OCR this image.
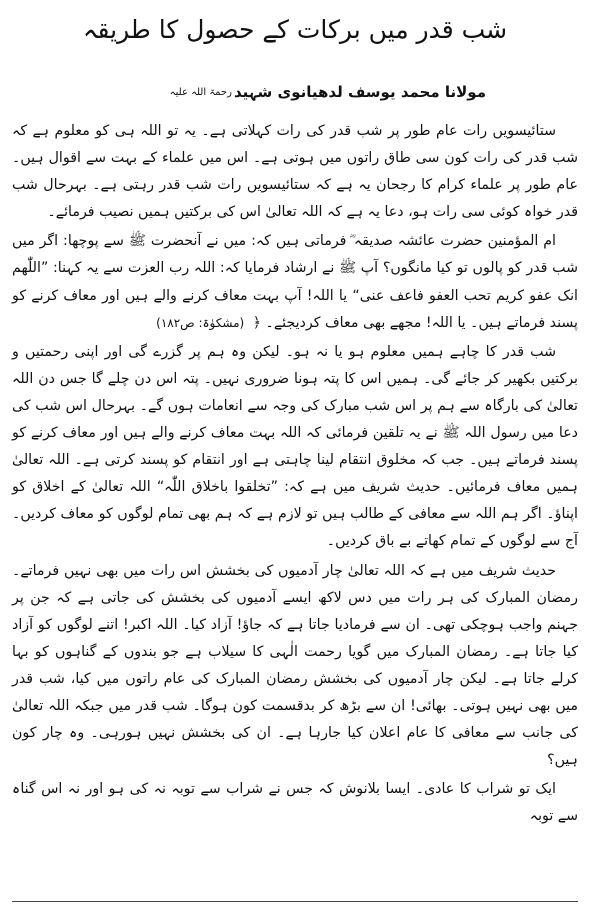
شب قدر میں برکات کے حصول کا طریقہ
مولانا محمد یوسف لدھیانوی شہید
رحمۃ اللہ علیہ

ستائیسویں رات عام طور پر شب قدر کی رات کہلاتی ہے۔ یہ تو اللہ ہی کو معلوم ہے کہ شب قدر کی رات کون سی طاق راتوں میں ہوتی ہے۔ اس میں علماء کے بہت سے اقوال ہیں۔ عام طور پر علماء کرام کا رجحان یہ ہے کہ ستائیسویں رات شب قدر رہتی ہے۔ بہرحال شب قدر خواہ کوئی سی رات ہو، دعا یہ ہے کہ اللہ تعالیٰ اس کی برکتیں ہمیں نصیب فرمائے۔

ام المؤمنین حضرت عائشہ صدیقہ ؓ فرماتی ہیں کہ: میں نے آنحضرت ﷺ سے پوچھا: اگر میں شب قدر کو پالوں تو کیا مانگوں؟ آپ ﷺ نے ارشاد فرمایا کہ: اللہ رب العزت سے یہ کہنا: ”اللّٰھم انک عفو کریم تحب العفو فاعف عنی“ یا اللہ! آپ بہت معاف کرنے والے ہیں اور معاف کرنے کو پسند فرماتے ہیں۔ یا اللہ! مجھے بھی معاف کردیجئے۔ ﴿ (مشکوٰۃ: ص۱۸۲)

شب قدر کا چاہے ہمیں معلوم ہو یا نہ ہو۔ لیکن وہ ہم پر گزرے گی اور اپنی رحمتیں و برکتیں بکھیر کر جائے گی۔ ہمیں اس کا پتہ ہونا ضروری نہیں۔ پتہ اس دن چلے گا جس دن اللہ تعالیٰ کی بارگاہ سے ہم پر اس شب مبارک کی وجہ سے انعامات ہوں گے۔ بہرحال اس شب کی دعا میں رسول اللہ ﷺ نے یہ تلقین فرمائی کہ اللہ بہت معاف کرنے والے ہیں اور معاف کرنے کو پسند فرماتے ہیں۔ جب کہ مخلوق انتقام لینا چاہتی ہے اور انتقام کو پسند کرتی ہے۔ اللہ تعالیٰ ہمیں معاف فرمائیں۔ حدیث شریف میں ہے کہ: ”تخلقوا باخلاق اللّٰہ“ اللہ تعالیٰ کے اخلاق کو اپناؤ۔ اگر ہم اللہ سے معافی کے طالب ہیں تو لازم ہے کہ ہم بھی تمام لوگوں کو معاف کردیں۔ آج سے لوگوں کے تمام کھاتے بے باق کردیں۔

حدیث شریف میں ہے کہ اللہ تعالیٰ چار آدمیوں کی بخشش اس رات میں بھی نہیں فرماتے۔ رمضان المبارک کی ہر رات میں دس لاکھ ایسے آدمیوں کی بخشش کی جاتی ہے کہ جن پر جہنم واجب ہوچکی تھی۔ ان سے فرمادیا جاتا ہے کہ جاؤ! آزاد کیا۔ اللہ اکبر! اتنے لوگوں کو آزاد کیا جاتا ہے۔ رمضان المبارک میں گویا رحمت الٰہی کا سیلاب ہے جو بندوں کے گناہوں کو بہا کرلے جاتا ہے۔ لیکن چار آدمیوں کی بخشش رمضان المبارک کی عام راتوں میں کیا، شب قدر میں بھی نہیں ہوتی۔ بھائی! ان سے بڑھ کر بدقسمت کون ہوگا۔ شب قدر میں جبکہ اللہ تعالیٰ کی جانب سے معافی کا عام اعلان کیا جارہا ہے۔ ان کی بخشش نہیں ہورہی۔ وہ چار کون ہیں؟

ایک تو شراب کا عادی۔ ایسا بلانوش کہ جس نے شراب سے توبہ نہ کی ہو اور نہ اس گناہ سے توبہ
